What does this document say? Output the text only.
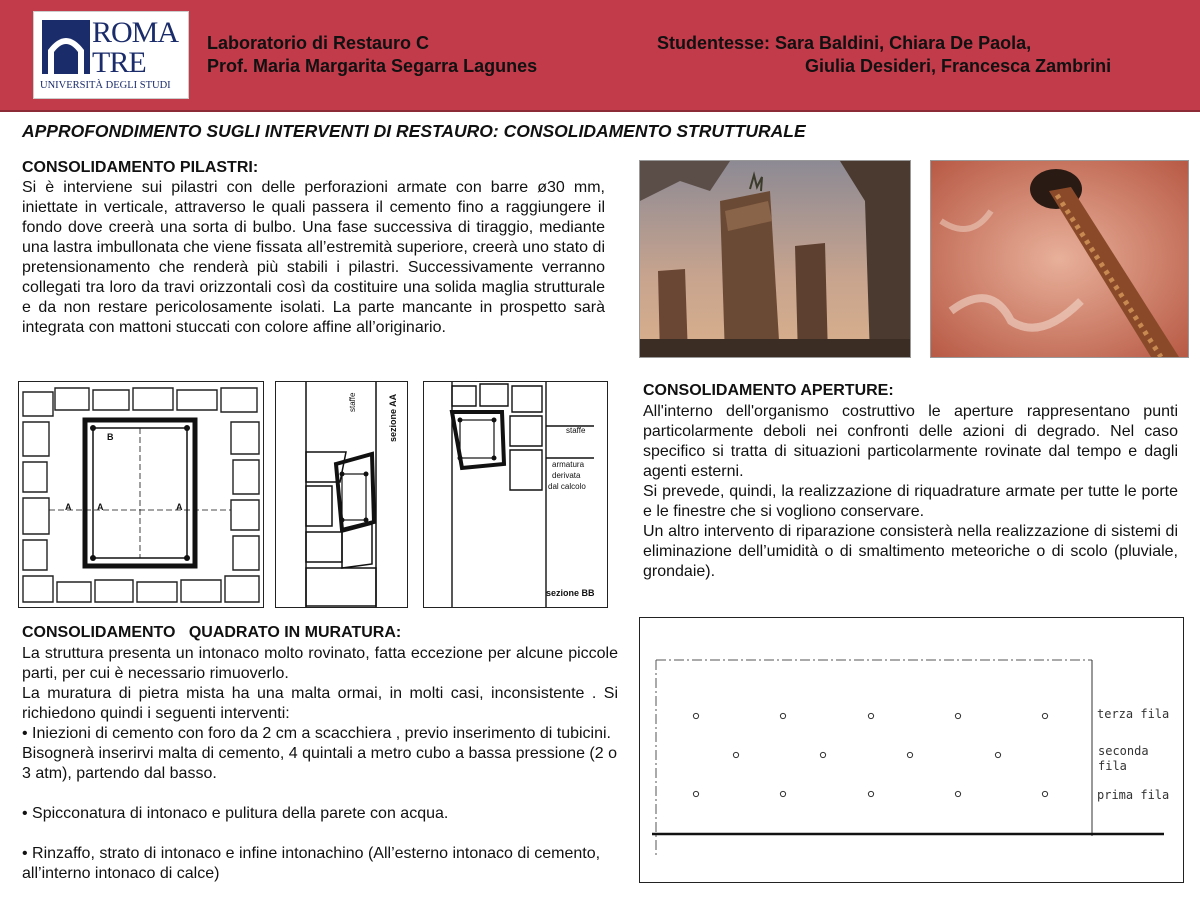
ROMA
TRE
UNIVERSITÀ DEGLI STUDI
Laboratorio di Restauro C
Prof. Maria Margarita Segarra Lagunes
Studentesse: Sara Baldini, Chiara De Paola,
Giulia Desideri, Francesca Zambrini
APPROFONDIMENTO SUGLI INTERVENTI DI RESTAURO: CONSOLIDAMENTO STRUTTURALE
CONSOLIDAMENTO PILASTRI:

Si è interviene sui pilastri con delle perforazioni armate con barre ø30 mm, iniettate in verticale, attraverso le quali passera il cemento fino a raggiungere il fondo dove creerà una sorta di bulbo. Una fase successiva di tiraggio, mediante una lastra imbullonata che viene fissata all’estremità superiore, creerà uno stato di pretensionamento che renderà più stabili i pilastri. Successivamente verranno collegati tra loro da travi orizzontali così da costituire una solida maglia strutturale e da non restare pericolosamente isolati. La parte mancante in prospetto sarà integrata con mattoni stuccati con colore affine all’originario.

B
A	A	A
staffe	sezione AA	staffe
armatura
derivata
dal calcolo
sezione BB
CONSOLIDAMENTO APERTURE:

All'interno dell'organismo costruttivo le aperture rappresentano punti particolarmente deboli nei confronti delle azioni di degrado. Nel caso specifico si tratta di situazioni particolarmente rovinate dal tempo e dagli agenti esterni.

Si prevede, quindi, la realizzazione di riquadrature armate per tutte le porte e le finestre che si vogliono conservare.

Un altro intervento di riparazione consisterà nella realizzazione di sistemi di eliminazione dell’umidità o di smaltimento meteoriche o di scolo (pluviale, grondaie).

CONSOLIDAMENTO   QUADRATO IN MURATURA:

La struttura presenta un intonaco molto rovinato, fatta eccezione per alcune piccole parti, per cui è necessario rimuoverlo.

La muratura di pietra mista ha una malta ormai, in molti casi, inconsistente . Si richiedono quindi i seguenti interventi:

• Iniezioni di cemento con foro da 2 cm a scacchiera , previo inserimento di tubicini. Bisognerà inserirvi malta di cemento, 4 quintali a metro cubo a bassa pressione (2 o 3 atm), partendo dal basso.
• Spicconatura di intonaco e pulitura della parete con acqua.
• Rinzaffo, strato di intonaco e infine intonachino (All’esterno intonaco di cemento, all’interno intonaco di calce)
terza fila
seconda
fila
prima fila
